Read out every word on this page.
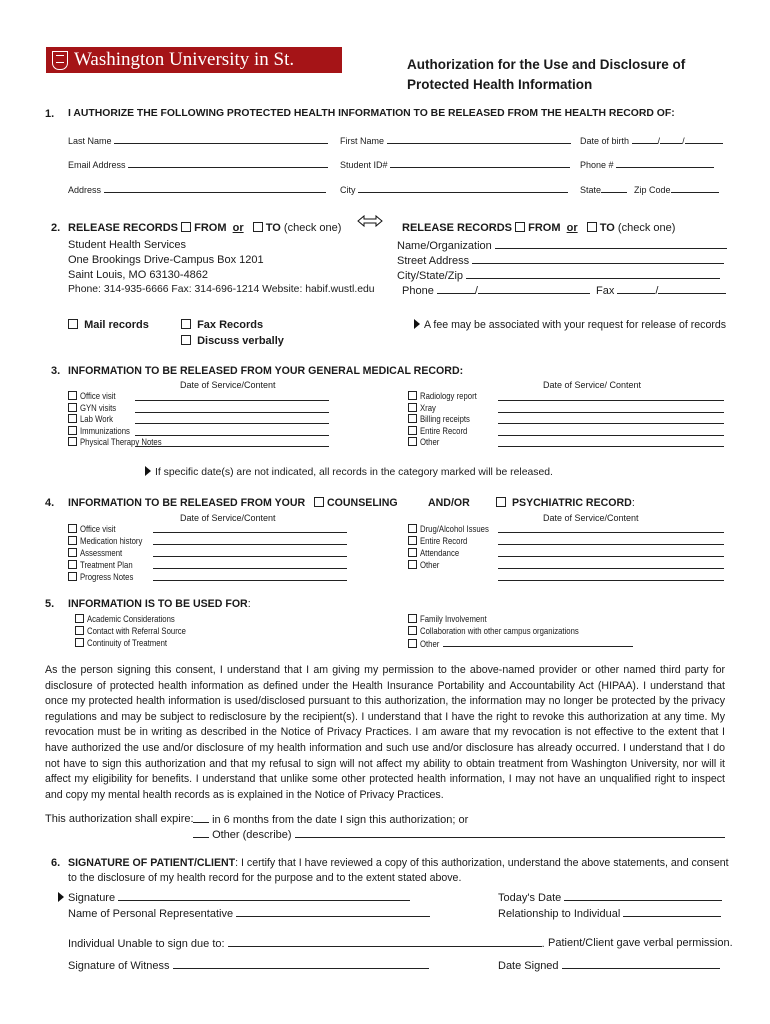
Washington University in St. Louis
Authorization for the Use and Disclosure of
Protected Health Information
1. I AUTHORIZE THE FOLLOWING PROTECTED HEALTH INFORMATION TO BE RELEASED FROM THE HEALTH RECORD OF:
Last Name	First Name	Date of birth	/ /
Email Address	Student ID#	Phone #
Address	City	State	Zip Code
2. RELEASE RECORDS FROM or TO (check one)	RELEASE RECORDS FROM or TO (check one)
Student Health Services
One Brookings Drive-Campus Box 1201
Saint Louis, MO 63130-4862
Phone: 314-935-6666 Fax: 314-696-1214 Website: habif.wustl.edu
Name/Organization
Street Address
City/State/Zip
Phone	/	Fax	/
Mail records	Fax Records
Discuss verbally
A fee may be associated with your request for release of records
3. INFORMATION TO BE RELEASED FROM YOUR GENERAL MEDICAL RECORD:
Date of Service/Content	Date of Service/ Content
Office visit
GYN visits
Lab Work
Immunizations
Physical Therapy Notes
Radiology report
Xray
Billing receipts
Entire Record
Other
If specific date(s) are not indicated, all records in the category marked will be released.
4. INFORMATION TO BE RELEASED FROM YOUR	COUNSELING	AND/OR	PSYCHIATRIC RECORD:
Date of Service/Content	Date of Service/Content
Office visit
Medication history
Assessment
Treatment Plan
Progress Notes
Drug/Alcohol Issues
Entire Record
Attendance
Other
5. INFORMATION IS TO BE USED FOR:
Academic Considerations
Contact with Referral Source
Continuity of Treatment
Family Involvement
Collaboration with other campus organizations
Other
As the person signing this consent, I understand that I am giving my permission to the above-named provider or other named third party for disclosure of protected health information as defined under the Health Insurance Portability and Accountability Act (HIPAA). I understand that once my protected health information is used/disclosed pursuant to this authorization, the information may no longer be protected by the privacy regulations and may be subject to redisclosure by the recipient(s). I understand that I have the right to revoke this authorization at any time. My revocation must be in writing as described in the Notice of Privacy Practices. I am aware that my revocation is not effective to the extent that I have authorized the use and/or disclosure of my health information and such use and/or disclosure has already occurred. I understand that I do not have to sign this authorization and that my refusal to sign will not affect my ability to obtain treatment from Washington University, nor will it affect my eligibility for benefits. I understand that unlike some other protected health information, I may not have an unqualified right to inspect and copy my mental health records as is explained in the Notice of Privacy Practices.
This authorization shall expire:	in 6 months from the date I sign this authorization; or
Other (describe)
6. SIGNATURE OF PATIENT/CLIENT: I certify that I have reviewed a copy of this authorization, understand the above statements, and consent
to the disclosure of my health record for the purpose and to the extent stated above.
Signature	Today's Date
Name of Personal Representative	Relationship to Individual
Individual Unable to sign due to:	. Patient/Client gave verbal permission.
Signature of Witness	Date Signed
